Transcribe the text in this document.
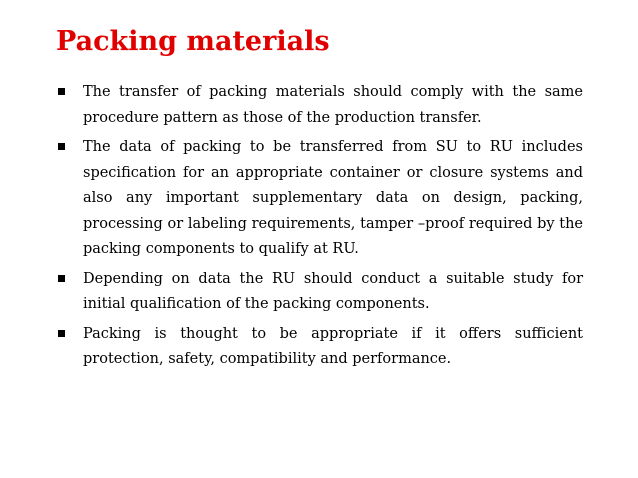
Packing materials
The transfer of packing materials should comply with the same procedure pattern as those of the production transfer.
The data of packing to be transferred from SU to RU includes specification for an appropriate container or closure systems and also any important supplementary data on design, packing, processing or labeling requirements, tamper –proof required by the packing components to qualify at RU.
Depending on data the RU should conduct a suitable study for initial qualification of the packing components.
Packing is thought to be appropriate if it offers sufficient protection, safety, compatibility and performance.
